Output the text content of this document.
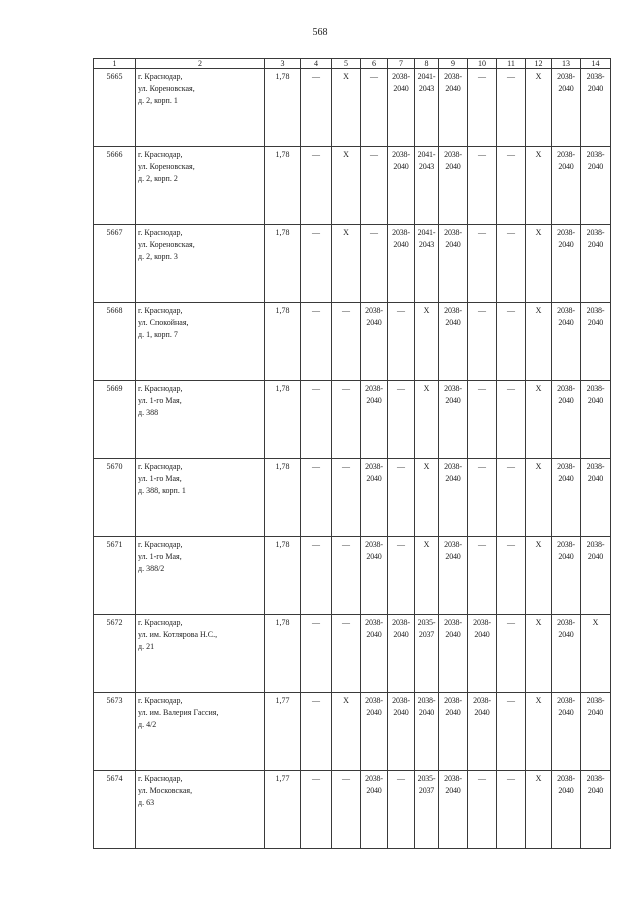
568
1	2	3	4	5	6	7	8	9	10	11	12	13	14
5665	г. Краснодар,
ул. Кореновская,
д. 2, корп. 1	1,78	—	X	—	2038-2040	2041-2043	2038-2040	—	—	X	2038-2040	2038-2040
5666	г. Краснодар,
ул. Кореновская,
д. 2, корп. 2	1,78	—	X	—	2038-2040	2041-2043	2038-2040	—	—	X	2038-2040	2038-2040
5667	г. Краснодар,
ул. Кореновская,
д. 2, корп. 3	1,78	—	X	—	2038-2040	2041-2043	2038-2040	—	—	X	2038-2040	2038-2040
5668	г. Краснодар,
ул. Спокойная,
д. 1, корп. 7	1,78	—	—	2038-2040	—	X	2038-2040	—	—	X	2038-2040	2038-2040
5669	г. Краснодар,
ул. 1-го Мая,
д. 388	1,78	—	—	2038-2040	—	X	2038-2040	—	—	X	2038-2040	2038-2040
5670	г. Краснодар,
ул. 1-го Мая,
д. 388, корп. 1	1,78	—	—	2038-2040	—	X	2038-2040	—	—	X	2038-2040	2038-2040
5671	г. Краснодар,
ул. 1-го Мая,
д. 388/2	1,78	—	—	2038-2040	—	X	2038-2040	—	—	X	2038-2040	2038-2040
5672	г. Краснодар,
ул. им. Котлярова Н.С.,
д. 21	1,78	—	—	2038-2040	2038-2040	2035-2037	2038-2040	2038-2040	—	X	2038-2040	X
5673	г. Краснодар,
ул. им. Валерия Гассия,
д. 4/2	1,77	—	X	2038-2040	2038-2040	2038-2040	2038-2040	2038-2040	—	X	2038-2040	2038-2040
5674	г. Краснодар,
ул. Московская,
д. 63	1,77	—	—	2038-2040	—	2035-2037	2038-2040	—	—	X	2038-2040	2038-2040
